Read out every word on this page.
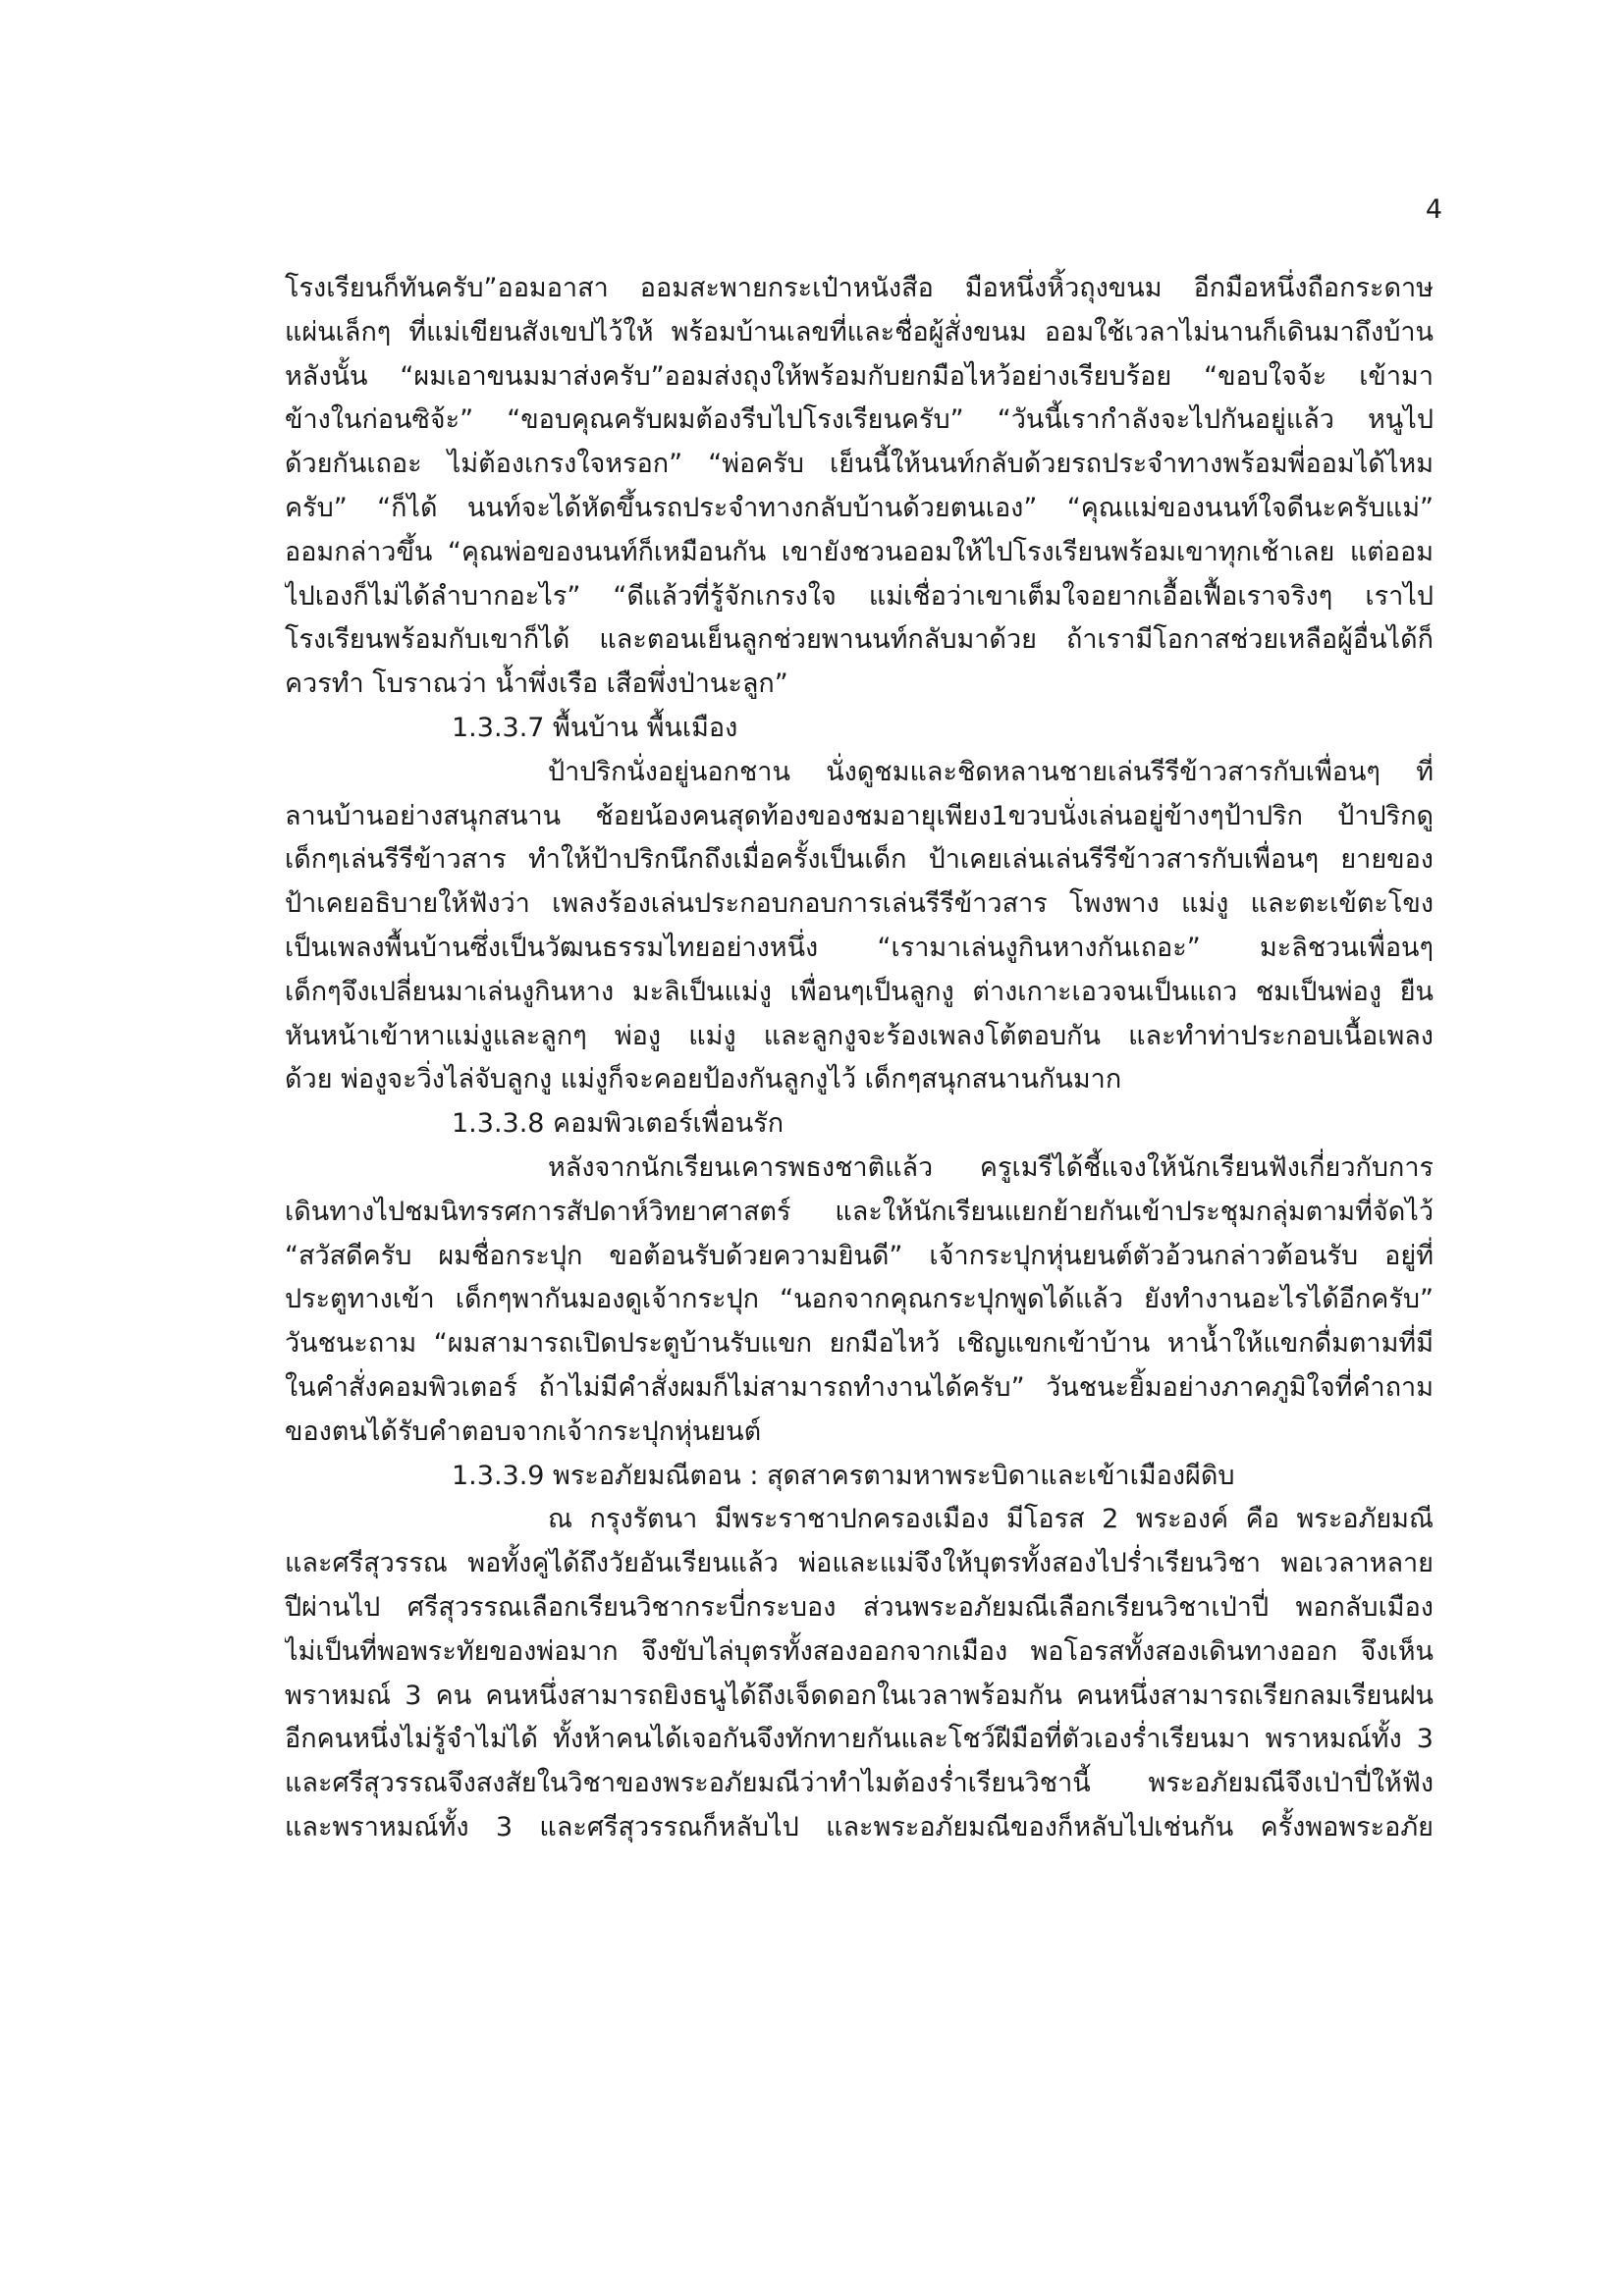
4
โรงเรียนก็ทันครับ”ออมอาสา ออมสะพายกระเป๋าหนังสือ มือหนึ่งหิ้วถุงขนม อีกมือหนึ่งถือกระดาษ
แผ่นเล็กๆ ที่แม่เขียนสังเขปไว้ให้ พร้อมบ้านเลขที่และชื่อผู้สั่งขนม ออมใช้เวลาไม่นานก็เดินมาถึงบ้าน
หลังนั้น “ผมเอาขนมมาส่งครับ”ออมส่งถุงให้พร้อมกับยกมือไหว้อย่างเรียบร้อย “ขอบใจจ้ะ เข้ามา
ข้างในก่อนซิจ้ะ” “ขอบคุณครับผมต้องรีบไปโรงเรียนครับ” “วันนี้เรากำลังจะไปกันอยู่แล้ว หนูไป
ด้วยกันเถอะ ไม่ต้องเกรงใจหรอก” “พ่อครับ เย็นนี้ให้นนท์กลับด้วยรถประจำทางพร้อมพี่ออมได้ไหม
ครับ” “ก็ได้ นนท์จะได้หัดขึ้นรถประจำทางกลับบ้านด้วยตนเอง” “คุณแม่ของนนท์ใจดีนะครับแม่”
ออมกล่าวขึ้น “คุณพ่อของนนท์ก็เหมือนกัน เขายังชวนออมให้ไปโรงเรียนพร้อมเขาทุกเช้าเลย แต่ออม
ไปเองก็ไม่ได้ลำบากอะไร” “ดีแล้วที่รู้จักเกรงใจ แม่เชื่อว่าเขาเต็มใจอยากเอื้อเฟื้อเราจริงๆ เราไป
โรงเรียนพร้อมกับเขาก็ได้ และตอนเย็นลูกช่วยพานนท์กลับมาด้วย ถ้าเรามีโอกาสช่วยเหลือผู้อื่นได้ก็
ควรทำ โบราณว่า น้ำพึ่งเรือ เสือพึ่งป่านะลูก”
1.3.3.7 พื้นบ้าน พื้นเมือง
ป้าปริกนั่งอยู่นอกชาน นั่งดูชมและชิดหลานชายเล่นรีรีข้าวสารกับเพื่อนๆ ที่
ลานบ้านอย่างสนุกสนาน ช้อยน้องคนสุดท้องของชมอายุเพียง1ขวบนั่งเล่นอยู่ข้างๆป้าปริก ป้าปริกดู
เด็กๆเล่นรีรีข้าวสาร ทำให้ป้าปริกนึกถึงเมื่อครั้งเป็นเด็ก ป้าเคยเล่นเล่นรีรีข้าวสารกับเพื่อนๆ ยายของ
ป้าเคยอธิบายให้ฟังว่า เพลงร้องเล่นประกอบกอบการเล่นรีรีข้าวสาร โพงพาง แม่งู และตะเข้ตะโขง
เป็นเพลงพื้นบ้านซึ่งเป็นวัฒนธรรมไทยอย่างหนึ่ง “เรามาเล่นงูกินหางกันเถอะ” มะลิชวนเพื่อนๆ
เด็กๆจึงเปลี่ยนมาเล่นงูกินหาง มะลิเป็นแม่งู เพื่อนๆเป็นลูกงู ต่างเกาะเอวจนเป็นแถว ชมเป็นพ่องู ยืน
หันหน้าเข้าหาแม่งูและลูกๆ พ่องู แม่งู และลูกงูจะร้องเพลงโต้ตอบกัน และทำท่าประกอบเนื้อเพลง
ด้วย พ่องูจะวิ่งไล่จับลูกงู แม่งูก็จะคอยป้องกันลูกงูไว้ เด็กๆสนุกสนานกันมาก
1.3.3.8 คอมพิวเตอร์เพื่อนรัก
หลังจากนักเรียนเคารพธงชาติแล้ว ครูเมรีได้ชี้แจงให้นักเรียนฟังเกี่ยวกับการ
เดินทางไปชมนิทรรศการสัปดาห์วิทยาศาสตร์ และให้นักเรียนแยกย้ายกันเข้าประชุมกลุ่มตามที่จัดไว้
“สวัสดีครับ ผมชื่อกระปุก ขอต้อนรับด้วยความยินดี” เจ้ากระปุกหุ่นยนต์ตัวอ้วนกล่าวต้อนรับ อยู่ที่
ประตูทางเข้า เด็กๆพากันมองดูเจ้ากระปุก “นอกจากคุณกระปุกพูดได้แล้ว ยังทำงานอะไรได้อีกครับ”
วันชนะถาม “ผมสามารถเปิดประตูบ้านรับแขก ยกมือไหว้ เชิญแขกเข้าบ้าน หาน้ำให้แขกดื่มตามที่มี
ในคำสั่งคอมพิวเตอร์ ถ้าไม่มีคำสั่งผมก็ไม่สามารถทำงานได้ครับ” วันชนะยิ้มอย่างภาคภูมิใจที่คำถาม
ของตนได้รับคำตอบจากเจ้ากระปุกหุ่นยนต์
1.3.3.9 พระอภัยมณีตอน : สุดสาครตามหาพระบิดาและเข้าเมืองผีดิบ
ณ กรุงรัตนา มีพระราชาปกครองเมือง มีโอรส 2 พระองค์ คือ พระอภัยมณี
และศรีสุวรรณ พอทั้งคู่ได้ถึงวัยอันเรียนแล้ว พ่อและแม่จึงให้บุตรทั้งสองไปร่ำเรียนวิชา พอเวลาหลาย
ปีผ่านไป ศรีสุวรรณเลือกเรียนวิชากระบี่กระบอง ส่วนพระอภัยมณีเลือกเรียนวิชาเป่าปี่ พอกลับเมือง
ไม่เป็นที่พอพระทัยของพ่อมาก จึงขับไล่บุตรทั้งสองออกจากเมือง พอโอรสทั้งสองเดินทางออก จึงเห็น
พราหมณ์ 3 คน คนหนึ่งสามารถยิงธนูได้ถึงเจ็ดดอกในเวลาพร้อมกัน คนหนึ่งสามารถเรียกลมเรียนฝน
อีกคนหนึ่งไม่รู้จำไม่ได้ ทั้งห้าคนได้เจอกันจึงทักทายกันและโชว์ฝีมือที่ตัวเองร่ำเรียนมา พราหมณ์ทั้ง 3
และศรีสุวรรณจึงสงสัยในวิชาของพระอภัยมณีว่าทำไมต้องร่ำเรียนวิชานี้ พระอภัยมณีจึงเป่าปี่ให้ฟัง
และพราหมณ์ทั้ง 3 และศรีสุวรรณก็หลับไป และพระอภัยมณีของก็หลับไปเช่นกัน ครั้งพอพระอภัย
